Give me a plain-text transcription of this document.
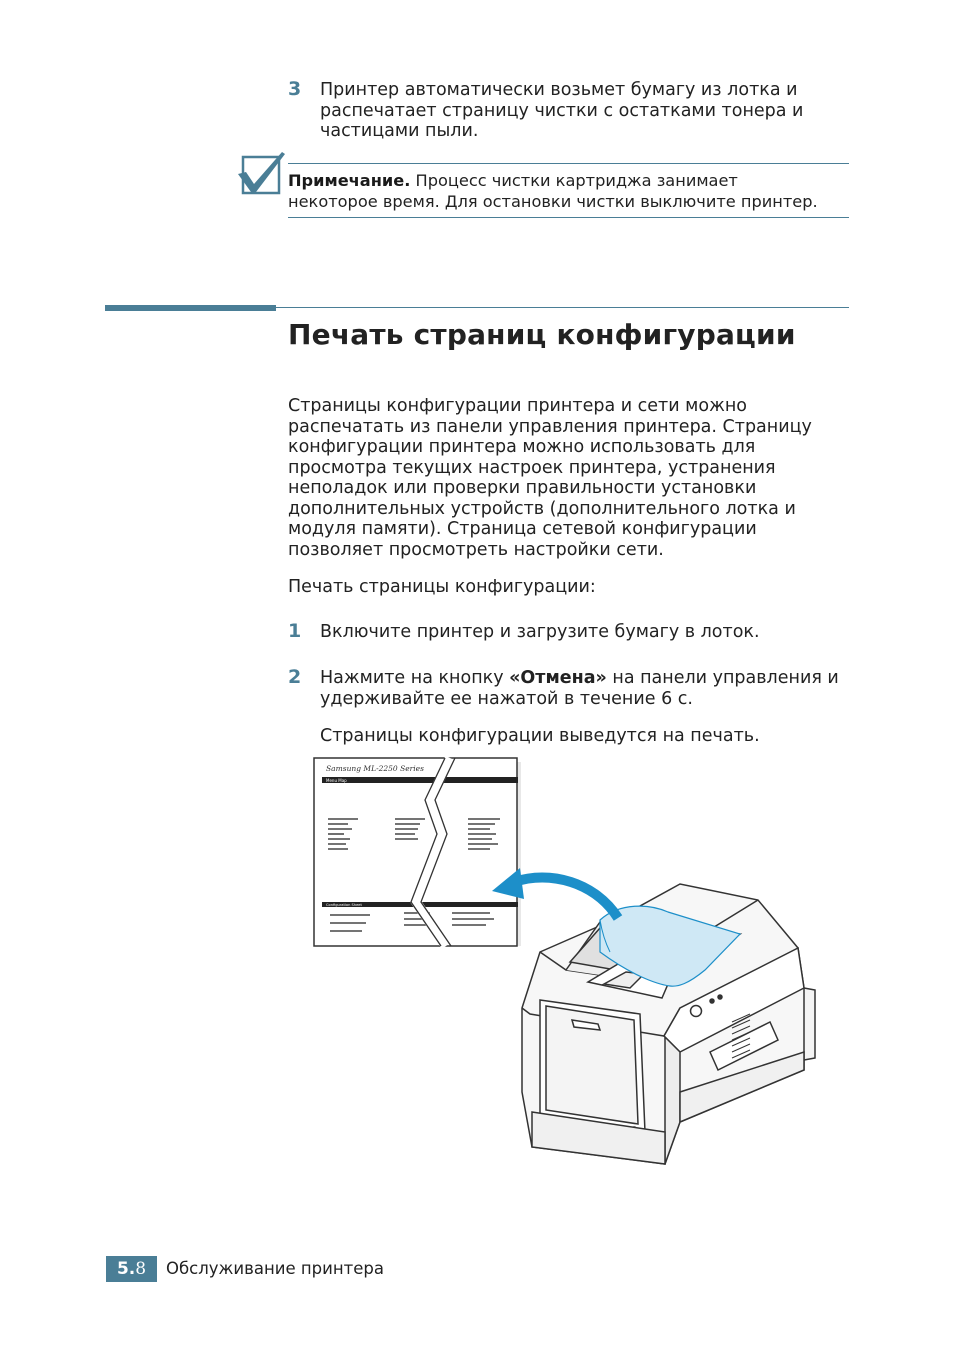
3 Принтер автоматически возьмет бумагу из лотка и
распечатает страницу чистки с остатками тонера и
частицами пыли.
Примечание. Процесс чистки картриджа занимает
некоторое время. Для остановки чистки выключите принтер.
Печать страниц конфигурации
Страницы конфигурации принтера и сети можно
распечатать из панели управления принтера. Страницу
конфигурации принтера можно использовать для
просмотра текущих настроек принтера, устранения
неполадок или проверки правильности установки
дополнительных устройств (дополнительного лотка и
модуля памяти). Страница сетевой конфигурации
позволяет просмотреть настройки сети.
Печать страницы конфигурации:
1 Включите принтер и загрузите бумагу в лоток.
2 Нажмите на кнопку «Отмена» на панели управления и
удерживайте ее нажатой в течение 6 с.
Страницы конфигурации выведутся на печать.
Samsung ML-2250 Series
Menu Map
Configuration Sheet
5.8	Обслуживание принтера
